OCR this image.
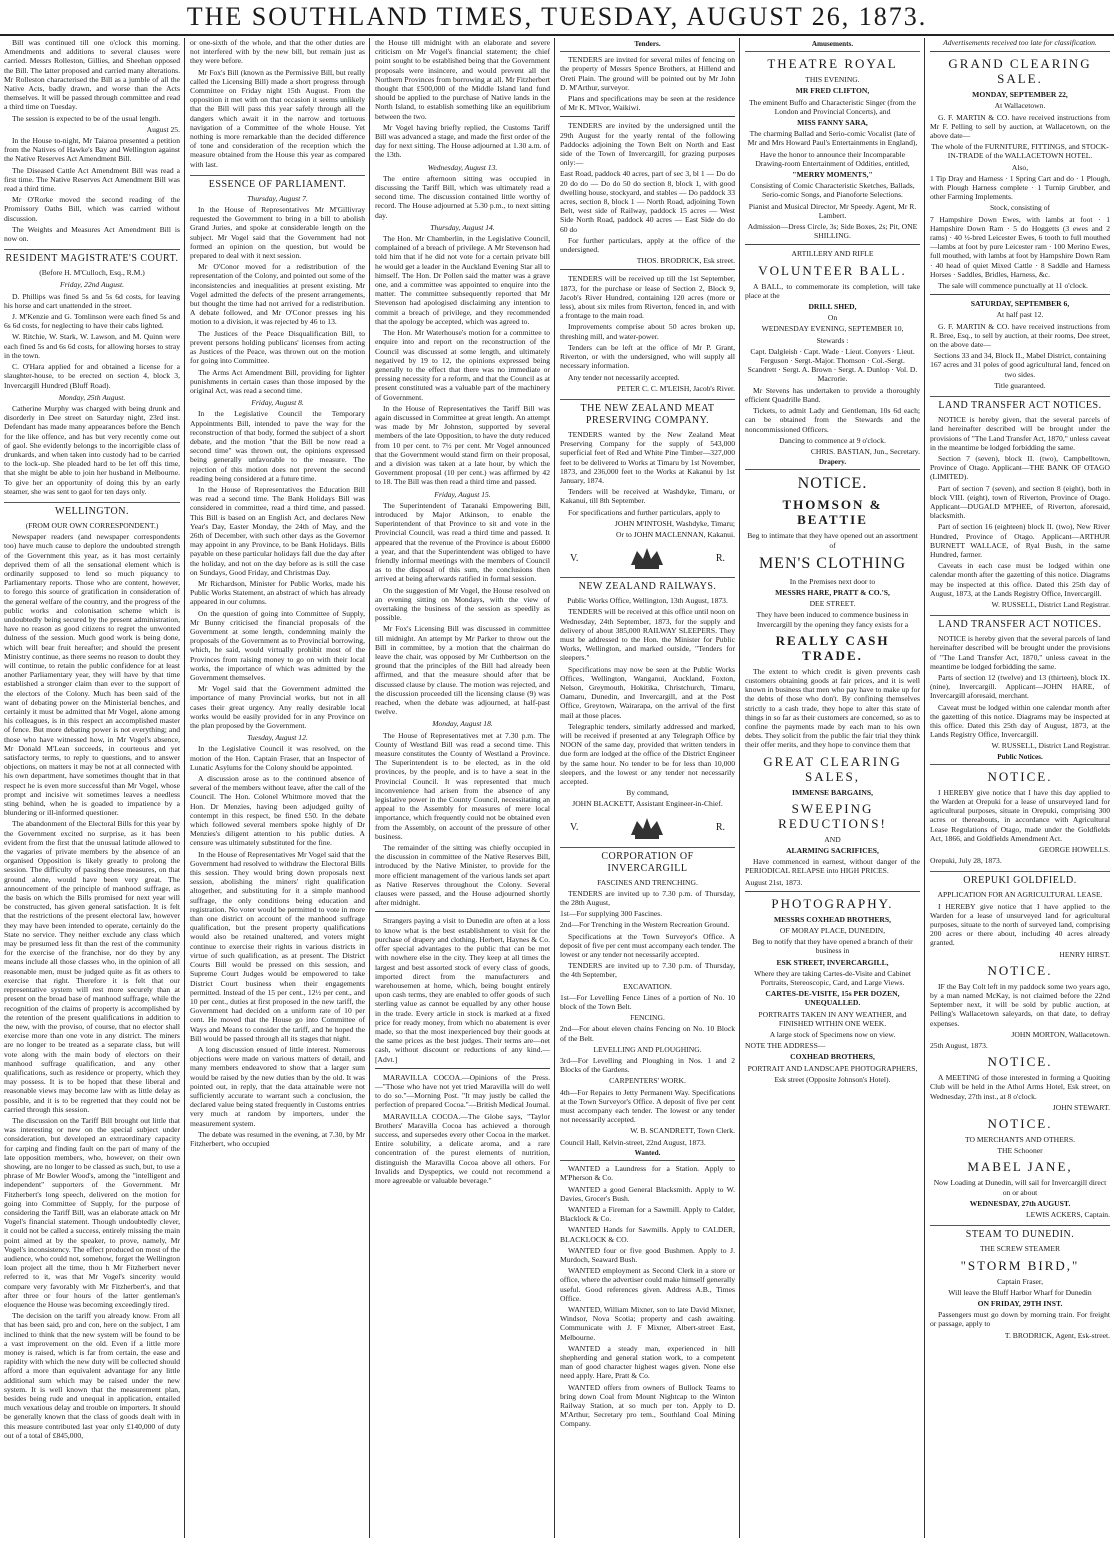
THE SOUTHLAND TIMES, TUESDAY, AUGUST 26, 1873.

Bill was continued till one o'clock this morning. Amendments and additions to several clauses were carried. Messrs Rolleston, Gillies, and Sheehan opposed the Bill. The latter proposed and carried many alterations. Mr Rolleston characterised the Bill as a jumble of all the Native Acts, badly drawn, and worse than the Acts themselves. It will be passed through committee and read a third time on Tuesday.

The session is expected to be of the usual length.

August 25.

In the House to-night, Mr Taiaroa presented a petition from the Natives of Hawke's Bay and Wellington against the Native Reserves Act Amendment Bill.

The Diseased Cattle Act Amendment Bill was read a first time. The Native Reserves Act Amendment Bill was read a third time.

Mr O'Rorke moved the second reading of the Promissory Oaths Bill, which was carried without discussion.

The Weights and Measures Act Amendment Bill is now on.

RESIDENT MAGISTRATE'S COURT.

(Before H. M'Culloch, Esq., R.M.)

Friday, 22nd August.

D. Phillips was fined 5s and 5s 6d costs, for leaving his horse and cart unattended in the street.

J. M'Kenzie and G. Tomlinson were each fined 5s and 6s 6d costs, for neglecting to have their cabs lighted.

W. Ritchie, W. Stark, W. Lawson, and M. Quinn were each fined 5s and 6s 6d costs, for allowing horses to stray in the town.

C. O'Hara applied for and obtained a license for a slaughter-house, to be erected on section 4, block 3, Invercargill Hundred (Bluff Road).

Monday, 25th August.

Catherine Murphy was charged with being drunk and disorderly in Dee street on Saturday night, 23rd inst. Defendant has made many appearances before the Bench for the like offence, and has but very recently come out of gaol. She evidently belongs to the incorrigible class of drunkards, and when taken into custody had to be carried to the lock-up. She pleaded hard to be let off this time, that she might be able to join her husband in Melbourne. To give her an opportunity of doing this by an early steamer, she was sent to gaol for ten days only.

WELLINGTON.

(FROM OUR OWN CORRESPONDENT.)

Newspaper readers (and newspaper correspondents too) have much cause to deplore the undoubted strength of the Government this year, as it has most certainly deprived them of all the sensational element which is ordinarily supposed to lend so much piquancy to Parliamentary reports. Those who are content, however, to forego this source of gratification in consideration of the general welfare of the country, and the progress of the public works and colonisation scheme which is undoubtedly being secured by the present administration, have no reason as good citizens to regret the unwonted dulness of the session. Much good work is being done, which will bear fruit hereafter; and should the present Ministry continue, as there seems no reason to doubt they will continue, to retain the public confidence for at least another Parliamentary year, they will have by that time established a stronger claim than ever to the support of the electors of the Colony. Much has been said of the want of debating power on the Ministerial benches, and certainly it must be admitted that Mr Vogel, alone among his colleagues, is in this respect an accomplished master of fence. But more debating power is not everything; and those who have witnessed how, in Mr Vogel's absence, Mr Donald M'Lean succeeds, in courteous and yet satisfactory terms, to reply to questions, and to answer objections, on matters it may be not at all connected with his own department, have sometimes thought that in that respect he is even more successful than Mr Vogel, whose prompt and incisive wit sometimes leaves a needless sting behind, when he is goaded to impatience by a blundering or ill-informed questioner.

The abandonment of the Electoral Bills for this year by the Government excited no surprise, as it has been evident from the first that the unusual latitude allowed to the vagaries of private members by the absence of an organised Opposition is likely greatly to prolong the session. The difficulty of passing these measures, on that ground alone, would have been very great. The announcement of the principle of manhood suffrage, as the basis on which the Bills promised for next year will be constructed, has given general satisfaction. It is felt that the restrictions of the present electoral law, however they may have been intended to operate, certainly do the State no service. They neither exclude any class which may be presumed less fit than the rest of the community for the exercise of the franchise, nor do they by any means include all those classes who, in the opinion of all reasonable men, must be judged quite as fit as others to exercise that right. Therefore it is felt that our representative system will rest more securely than at present on the broad base of manhood suffrage, while the recognition of the claims of property is accomplished by the retention of the present qualifications in addition to the new, with the proviso, of course, that no elector shall exercise more than one vote in any district. The miners are no longer to be treated as a separate class, but will vote along with the main body of electors on their manhood suffrage qualification, and any other qualifications, such as residence or property, which they may possess. It is to be hoped that these liberal and reasonable views may become law with as little delay as possible, and it is to be regretted that they could not be carried through this session.

The discussion on the Tariff Bill brought out little that was interesting or new on the special subject under consideration, but developed an extraordinary capacity for carping and finding fault on the part of many of the late opposition members, who, however, on their own showing, are no longer to be classed as such, but, to use a phrase of Mr Bowler Wood's, among the "intelligent and independent" supporters of the Government. Mr Fitzherbert's long speech, delivered on the motion for going into Committee of Supply, for the purpose of considering the Tariff Bill, was an elaborate attack on Mr Vogel's financial statement. Though undoubtedly clever, it could not be called a success, entirely missing the main point aimed at by the speaker, to prove, namely, Mr Vogel's inconsistency. The effect produced on most of the audience, who could not, somehow, forget the Wellington loan project all the time, thou h Mr Fitzherbert never referred to it, was that Mr Vogel's sincerity would compare very favorably with Mr Fitzherbert's, and that after three or four hours of the latter gentleman's eloquence the House was becoming exceedingly tired.

The decision on the tariff you already know. From all that has been said, pro and con, here on the subject, I am inclined to think that the new system will be found to be a vast improvement on the old. Even if a little more money is raised, which is far from certain, the ease and rapidity with which the new duty will be collected should afford a more than equivalent advantage for any little additional sum which may be raised under the new system. It is well known that the measurement plan, besides being rude and unequal in application, entailed much vexatious delay and trouble on importers. It should be generally known that the class of goods dealt with in this measure contributed last year only £140,000 of duty out of a total of £845,000,

or one-sixth of the whole, and that the other duties are not interfered with by the new bill, but remain just as they were before.

Mr Fox's Bill (known as the Permissive Bill, but really called the Licensing Bill) made a short progress through Committee on Friday night 15th August. From the opposition it met with on that occasion it seems unlikely that the Bill will pass this year safely through all the dangers which await it in the narrow and tortuous navigation of a Committee of the whole House. Yet nothing is more remarkable than the decided difference of tone and consideration of the reception which the measure obtained from the House this year as compared with last.

ESSENCE OF PARLIAMENT.

Thursday, August 7.

In the House of Representatives Mr M'Gillivray requested the Government to bring in a bill to abolish Grand Juries, and spoke at considerable length on the subject. Mr Vogel said that the Government had not formed an opinion on the question, but would be prepared to deal with it next session.

Mr O'Conor moved for a redistribution of the representation of the Colony, and pointed out some of the inconsistencies and inequalities at present existing. Mr Vogel admitted the defects of the present arrangements, but thought the time had not arrived for a redistribution. A debate followed, and Mr O'Conor presses ing his motion to a division, it was rejected by 46 to 13.

The Justices of the Peace Disqualification Bill, to prevent persons holding publicans' licenses from acting as Justices of the Peace, was thrown out on the motion for going into Committee.

The Arms Act Amendment Bill, providing for lighter punishments in certain cases than those imposed by the original Act, was read a second time.

Friday, August 8.

In the Legislative Council the Temporary Appointments Bill, intended to pave the way for the reconstruction of that body, formed the subject of a short debate, and the motion "that the Bill be now read a second time" was thrown out, the opinions expressed being generally unfavorable to the measure. The rejection of this motion does not prevent the second reading being considered at a future time.

In the House of Representatives the Education Bill was read a second time. The Bank Holidays Bill was considered in committee, read a third time, and passed. This Bill is based on an English Act, and declares New Year's Day, Easter Monday, the 24th of May, and the 26th of December, with such other days as the Governor may appoint in any Province, to be Bank Holidays. Bills payable on these particular holidays fall due the day after the holiday, and not on the day before as is still the case on Sundays, Good Friday, and Christmas Day.

Mr Richardson, Minister for Public Works, made his Public Works Statement, an abstract of which has already appeared in our columns.

On the question of going into Committee of Supply, Mr Bunny criticised the financial proposals of the Government at some length, condemning mainly the proposals of the Government as to Provincial borrowing, which, he said, would virtually prohibit most of the Provinces from raising money to go on with their local works, the importance of which was admitted by the Government themselves.

Mr Vogel said that the Government admitted the importance of many Provincial works, but not in all cases their great urgency. Any really desirable local works would be easily provided for in any Province on the plan proposed by the Government.

Tuesday, August 12.

In the Legislative Council it was resolved, on the motion of the Hon. Captain Fraser, that an Inspector of Lunatic Asylums for the Colony should be appointed.

A discussion arose as to the continued absence of several of the members without leave, after the call of the Council. The Hon. Colonel Whitmore moved that the Hon. Dr Menzies, having been adjudged guilty of contempt in this respect, be fined £50. In the debate which followed several members spoke highly of Dr Menzies's diligent attention to his public duties. A censure was ultimately substituted for the fine.

In the House of Representatives Mr Vogel said that the Government had resolved to withdraw the Electoral Bills this session. They would bring down proposals next session, abolishing the miners' right qualification altogether, and substituting for it a simple manhood suffrage, the only conditions being education and registration. No voter would be permitted to vote in more than one district on account of the manhood suffrage qualification, but the present property qualifications would also be retained unaltered, and voters might continue to exercise their rights in various districts in virtue of such qualification, as at present. The District Courts Bill would be pressed on this session, and Supreme Court Judges would be empowered to take District Court business when their engagements permitted. Instead of the 15 per cent., 12½ per cent., and 10 per cent., duties at first proposed in the new tariff, the Government had decided on a uniform rate of 10 per cent. He moved that the House go into Committee of Ways and Means to consider the tariff, and he hoped the Bill would be passed through all its stages that night.

A long discussion ensued of little interest. Numerous objections were made on various matters of detail, and many members endeavored to show that a larger sum would be raised by the new duties than by the old. It was pointed out, in reply, that the data attainable were not sufficiently accurate to warrant such a conclusion, the declared value being stated frequently in Customs entries very much at random by importers, under the measurement system.

The debate was resumed in the evening, at 7.30, by Mr Fitzherbert, who occupied

the House till midnight with an elaborate and severe criticism on Mr Vogel's financial statement; the chief point sought to be established being that the Government proposals were insincere, and would prevent all the Northern Provinces from borrowing at all. Mr Fitzherbert thought that £500,000 of the Middle Island land fund should be applied to the purchase of Native lands in the North Island, to establish something like an equilibrium between the two.

Mr Vogel having briefly replied, the Customs Tariff Bill was advanced a stage, and made the first order of the day for next sitting. The House adjourned at 1.30 a.m. of the 13th.

Wednesday, August 13.

The entire afternoon sitting was occupied in discussing the Tariff Bill, which was ultimately read a second time. The discussion contained little worthy of record. The House adjourned at 5.30 p.m., to next sitting day.

Thursday, August 14.

The Hon. Mr Chamberlin, in the Legislative Council, complained of a breach of privilege. A Mr Stevenson had told him that if he did not vote for a certain private bill he would get a leader in the Auckland Evening Star all to himself. The Hon. Dr Pollen said the matter was a grave one, and a committee was appointed to enquire into the matter. The committee subsequently reported that Mr Stevenson had apologised disclaiming any intention to commit a breach of privilege, and they recommended that the apology be accepted, which was agreed to.

The Hon. Mr Waterhouse's motion for a committee to enquire into and report on the reconstruction of the Council was discussed at some length, and ultimately negatived by 19 to 12, the opinions expressed being generally to the effect that there was no immediate or pressing necessity for a reform, and that the Council as at present constituted was a valuable part of the machinery of Government.

In the House of Representatives the Tariff Bill was again discussed in Committee at great length. An attempt was made by Mr Johnston, supported by several members of the late Opposition, to have the duty reduced from 10 per cent. to 7½ per cent. Mr Vogel announced that the Government would stand firm on their proposal, and a division was taken at a late hour, by which the Government proposal (10 per cent.) was affirmed by 42 to 18. The Bill was then read a third time and passed.

Friday, August 15.

The Superintendent of Taranaki Empowering Bill, introduced by Major Atkinson, to enable the Superintendent of that Province to sit and vote in the Provincial Council, was read a third time and passed. It appeared that the revenue of the Province is about £6000 a year, and that the Superintendent was obliged to have friendly informal meetings with the members of Council as to the disposal of this sum, the conclusions then arrived at being afterwards ratified in formal session.

On the suggestion of Mr Vogel, the House resolved on an evening sitting on Mondays, with the view of overtaking the business of the session as speedily as possible.

Mr Fox's Licensing Bill was discussed in committee till midnight. An attempt by Mr Parker to throw out the Bill in committee, by a motion that the chairman do leave the chair, was opposed by Mr Cuthbertson on the ground that the principles of the Bill had already been affirmed, and that the measure should after that be discussed clause by clause. The motion was rejected, and the discussion proceeded till the licensing clause (9) was reached, when the debate was adjourned, at half-past twelve.

Monday, August 18.

The House of Representatives met at 7.30 p.m. The County of Westland Bill was read a second time. This measure constitutes the County of Westland a Province. The Superintendent is to be elected, as in the old provinces, by the people, and is to have a seat in the Provincial Council. It was represented that much inconvenience had arisen from the absence of any legislative power in the County Council, necessitating an appeal to the Assembly for measures of mere local importance, which frequently could not be obtained even from the Assembly, on account of the pressure of other business.

The remainder of the sitting was chiefly occupied in the discussion in committee of the Native Reserves Bill, introduced by the Native Minister, to provide for the more efficient management of the various lands set apart as Native Reserves throughout the Colony. Several clauses were passed, and the House adjourned shortly after midnight.

Strangers paying a visit to Dunedin are often at a loss to know what is the best establishment to visit for the purchase of drapery and clothing. Herbert, Haynes & Co. offer special advantages to the public that can be met with nowhere else in the city. They keep at all times the largest and best assorted stock of every class of goods, imported direct from the manufacturers and warehousemen at home, which, being bought entirely upon cash terms, they are enabled to offer goods of such sterling value as cannot be equalled by any other house in the trade. Every article in stock is marked at a fixed price for ready money, from which no abatement is ever made, so that the most inexperienced buy their goods at the same prices as the best judges. Their terms are—net cash, without discount or reductions of any kind.—[Advt.]

MARAVILLA COCOA.—Opinions of the Press.—"Those who have not yet tried Maravilla will do well to do so."—Morning Post. "It may justly be called the perfection of prepared Cocoa."—British Medical Journal.

MARAVILLA COCOA.—The Globe says, "Taylor Brothers' Maravilla Cocoa has achieved a thorough success, and supersedes every other Cocoa in the market. Entire solubility, a delicate aroma, and a rare concentration of the purest elements of nutrition, distinguish the Maravilla Cocoa above all others. For Invalids and Dyspeptics, we could not recommend a more agreeable or valuable beverage."

Tenders.

TENDERS are invited for several miles of fencing on the property of Messrs Spence Brothers, at Hillend and Oreti Plain. The ground will be pointed out by Mr John D. M'Arthur, surveyor.

Plans and specifications may be seen at the residence of Mr K. M'Ivor, Waikiwi.

TENDERS are invited by the undersigned until the 29th August for the yearly rental of the following Paddocks adjoining the Town Belt on North and East side of the Town of Invercargill, for grazing purposes only:—

East Road, paddock 40 acres, part of sec 3, bl 1 — Do do 20 do do — Do do 50 do section 8, block 1, with good dwelling house, stockyard, and stables — Do paddock 33 acres, section 8, block 1 — North Road, adjoining Town Belt, west side of Railway, paddock 15 acres — West Side North Road, paddock 40 acres — East Side do do 60 do

For further particulars, apply at the office of the undersigned.

THOS. BRODRICK, Esk street.

TENDERS will be received up till the 1st September, 1873, for the purchase or lease of Section 2, Block 9, Jacob's River Hundred, containing 120 acres (more or less), about six miles from Riverton, fenced in, and with a frontage to the main road.

Improvements comprise about 50 acres broken up, threshing mill, and water-power.

Tenders can be left at the office of Mr P. Grant, Riverton, or with the undersigned, who will supply all necessary information.

Any tender not necessarily accepted.

PETER C. C. M'LEISH, Jacob's River.

THE NEW ZEALAND MEAT PRESERVING COMPANY.

TENDERS wanted by the New Zealand Meat Preserving Company for the supply of 543,000 superficial feet of Red and White Pine Timber—327,000 feet to be delivered to Works at Timaru by 1st November, 1873, and 236,000 feet to the Works at Kakanui by 1st January, 1874.

Tenders will be received at Washdyke, Timaru, or Kakanui, till 8th September.

For specifications and further particulars, apply to

JOHN M'INTOSH, Washdyke, Timaru;

Or to JOHN MACLENNAN, Kakanui.

V.	R.
NEW ZEALAND RAILWAYS.

Public Works Office, Wellington, 13th August, 1873.

TENDERS will be received at this office until noon on Wednesday, 24th September, 1873, for the supply and delivery of about 385,000 RAILWAY SLEEPERS. They must be addressed to the Hon. the Minister for Public Works, Wellington, and marked outside, "Tenders for sleepers."

Specifications may now be seen at the Public Works Offices, Wellington, Wanganui, Auckland, Foxton, Nelson, Greymouth, Hokitika, Christchurch, Timaru, Oamaru, Dunedin, and Invercargill, and at the Post Office, Greytown, Wairarapa, on the arrival of the first mail at those places.

Telegraphic tenders, similarly addressed and marked, will be received if presented at any Telegraph Office by NOON of the same day, provided that written tenders in due form are lodged at the office of the District Engineer by the same hour. No tender to be for less than 10,000 sleepers, and the lowest or any tender not necessarily accepted.

By command,

JOHN BLACKETT, Assistant Engineer-in-Chief.

V.	R.
CORPORATION OF INVERCARGILL

FASCINES AND TRENCHING.

TENDERS are invited up to 7.30 p.m. of Thursday, the 28th August,

1st—For supplying 300 Fascines.

2nd—For Trenching in the Western Recreation Ground.

Specifications at the Town Surveyor's Office. A deposit of five per cent must accompany each tender. The lowest or any tender not necessarily accepted.

TENDERS are invited up to 7.30 p.m. of Thursday, the 4th September,

EXCAVATION.

1st—For Levelling Fence Lines of a portion of No. 10 block of the Town Belt.

FENCING.

2nd—For about eleven chains Fencing on No. 10 Block of the Belt.

LEVELLING AND PLOUGHING.

3rd—For Levelling and Ploughing in Nos. 1 and 2 Blocks of the Gardens.

CARPENTERS' WORK.

4th—For Repairs to Jetty Permanent Way. Specifications at the Town Surveyor's Office. A deposit of five per cent must accompany each tender. The lowest or any tender not necessarily accepted.

W. B. SCANDRETT, Town Clerk.

Council Hall, Kelvin-street, 22nd August, 1873.

Wanted.

WANTED a Laundress for a Station. Apply to M'Pherson & Co.

WANTED a good General Blacksmith. Apply to W. Davies, Grocer's Bush.

WANTED a Fireman for a Sawmill. Apply to Calder, Blacklock & Co.

WANTED Hands for Sawmills. Apply to CALDER, BLACKLOCK & CO.

WANTED four or five good Bushmen. Apply to J. Murdoch, Seaward Bush.

WANTED employment as Second Clerk in a store or office, where the advertiser could make himself generally useful. Good references given. Address A.B., Times Office.

WANTED, William Mixner, son to late David Mixner, Windsor, Nova Scotia; property and cash awaiting. Communicate with J. F Mixner, Albert-street East, Melbourne.

WANTED a steady man, experienced in hill shepherding and general station work, to a competent man of good character highest wages given. None else need apply. Hare, Pratt & Co.

WANTED offers from owners of Bullock Teams to bring down Coal from Mount Nightcap to the Winton Railway Station, at so much per ton. Apply to D. M'Arthur, Secretary pro tem., Southland Coal Mining Company.

Amusements.

THEATRE ROYAL

THIS EVENING.

MR FRED CLIFTON,

The eminent Buffo and Characteristic Singer (from the London and Provincial Concerts), and

MISS FANNY SARA,

The charming Ballad and Serio-comic Vocalist (late of Mr and Mrs Howard Paul's Entertainments in England),

Have the honor to announce their Incomparable Drawing-room Entertainment of Oddities, entitled,

"MERRY MOMENTS,"

Consisting of Comic Characteristic Sketches, Ballads, Serio-comic Songs, and Pianoforte Selections.

Pianist and Musical Director, Mr Speedy. Agent, Mr R. Lambert.

Admission—Dress Circle, 3s; Side Boxes, 2s; Pit, ONE SHILLING.

ARTILLERY AND RIFLE

VOLUNTEER BALL.

A BALL, to commemorate its completion, will take place at the

DRILL SHED,

On

WEDNESDAY EVENING, SEPTEMBER 10,

Stewards :

Capt. Dalgleish · Capt. Wade · Lieut. Conyers · Lieut. Ferguson · Sergt.-Major. Thomson · Col.-Sergt. Scandrett · Sergt. A. Brown · Sergt. A. Dunlop · Vol. D. Macrorie.

Mr Stevens has undertaken to provide a thoroughly efficient Quadrille Band.

Tickets, to admit Lady and Gentleman, 10s 6d each; can be obtained from the Stewards and the noncommissioned Officers.

Dancing to commence at 9 o'clock.

CHRIS. BASTIAN, Jun., Secretary.

Drapery.

NOTICE.

THOMSON & BEATTIE

Beg to intimate that they have opened out an assortment of

MEN'S CLOTHING

In the Premises next door to

MESSRS HARE, PRATT & CO.'S,

DEE STREET.

They have been induced to commence business in Invercargill by the opening they fancy exists for a

REALLY CASH TRADE.

The extent to which credit is given prevents cash customers obtaining goods at fair prices, and it is well known in business that men who pay have to make up for the debts of those who don't. By confining themselves strictly to a cash trade, they hope to alter this state of things in so far as their customers are concerned, so as to confine the payments made by each man to his own debts. They solicit from the public the fair trial they think their offer merits, and they hope to convince them that

GREAT CLEARING SALES,

IMMENSE BARGAINS,

SWEEPING REDUCTIONS!

AND

ALARMING SACRIFICES,

Have commenced in earnest, without danger of the PERIODICAL RELAPSE into HIGH PRICES.

August 21st, 1873.

PHOTOGRAPHY.

MESSRS COXHEAD BROTHERS,

OF MORAY PLACE, DUNEDIN,

Beg to notify that they have opened a branch of their business in

ESK STREET, INVERCARGILL,

Where they are taking Cartes-de-Visite and Cabinet Portraits, Stereoscopic, Card, and Large Views.

CARTES-DE-VISITE, 15s PER DOZEN, UNEQUALLED.

PORTRAITS TAKEN IN ANY WEATHER, and FINISHED WITHIN ONE WEEK.

A large stock of Specimens now on view.

NOTE THE ADDRESS—

COXHEAD BROTHERS,

PORTRAIT AND LANDSCAPE PHOTOGRAPHERS,

Esk street (Opposite Johnson's Hotel).

Advertisements received too late for classification.

GRAND CLEARING SALE.

MONDAY, SEPTEMBER 22,

At Wallacetown.

G. F. MARTIN & CO. have received instructions from Mr F. Pelling to sell by auction, at Wallacetown, on the above date—

The whole of the FURNITURE, FITTINGS, and STOCK-IN-TRADE of the WALLACETOWN HOTEL.

Also,

1 Tip Dray and Harness · 1 Spring Cart and do · 1 Plough, with Plough Harness complete · 1 Turnip Grubber, and other Farming Implements.

Stock, consisting of

7 Hampshire Down Ewes, with lambs at foot · 1 Hampshire Down Ram · 5 do Hoggetts (3 ewes and 2 rams) · 40 ½-bred Leicester Ewes, 6 tooth to full mouthed—lambs at foot by pure Leicester ram · 100 Merino Ewes, full mouthed, with lambs at foot by Hampshire Down Ram · 40 head of quiet Mixed Cattle · 8 Saddle and Harness Horses · Saddles, Bridles, Harness, &c.

The sale will commence punctually at 11 o'clock.

SATURDAY, SEPTEMBER 6,

At half past 12.

G. F. MARTIN & CO. have received instructions from R. Bree, Esq., to sell by auction, at their rooms, Dee street, on the above date—

Sections 33 and 34, Block II., Mabel District, containing 167 acres and 31 poles of good agricultural land, fenced on two sides.

Title guaranteed.

LAND TRANSFER ACT NOTICES.

NOTICE is hereby given, that the several parcels of land hereinafter described will be brought under the provisions of "The Land Transfer Act, 1870," unless caveat in the meantime be lodged forbidding the same.

Section 7 (seven), block II. (two), Campbelltown, Province of Otago. Applicant—THE BANK OF OTAGO (LIMITED).

Part of section 7 (seven), and section 8 (eight), both in block VIII. (eight), town of Riverton, Province of Otago. Applicant—DUGALD M'PHEE, of Riverton, aforesaid, blacksmith.

Part of section 16 (eighteen) block II. (two), New River Hundred, Province of Otago. Applicant—ARTHUR BURNETT WALLACE, of Ryal Bush, in the same Hundred, farmer.

Caveats in each case must be lodged within one calendar month after the gazetting of this notice. Diagrams may be inspected at this office. Dated this 25th day of August, 1873, at the Lands Registry Office, Invercargill.

W. RUSSELL, District Land Registrar.

LAND TRANSFER ACT NOTICES.

NOTICE is hereby given that the several parcels of land hereinafter described will be brought under the provisions of "The Land Transfer Act, 1870," unless caveat in the meantime be lodged forbidding the same.

Parts of section 12 (twelve) and 13 (thirteen), block IX. (nine), Invercargill. Applicant—JOHN HARE, of Invercargill aforesaid, merchant.

Caveat must be lodged within one calendar month after the gazetting of this notice. Diagrams may be inspected at this office. Dated this 25th day of August, 1873, at the Lands Registry Office, Invercargill.

W. RUSSELL, District Land Registrar.

Public Notices.

NOTICE.

I HEREBY give notice that I have this day applied to the Warden at Orepuki for a lease of unsurveyed land for agricultural purposes, situate in Orepuki, comprising 300 acres or thereabouts, in accordance with Agricultural Lease Regulations of Otago, made under the Goldfields Act, 1866, and Goldfields Amendment Act.

GEORGE HOWELLS.

Orepuki, July 28, 1873.

OREPUKI GOLDFIELD.

APPLICATION FOR AN AGRICULTURAL LEASE.

I HEREBY give notice that I have applied to the Warden for a lease of unsurveyed land for agricultural purposes, situate to the north of surveyed land, comprising 200 acres or there about, including 40 acres already granted.

HENRY HIRST.

NOTICE.

IF the Bay Colt left in my paddock some two years ago, by a man named McKay, is not claimed before the 22nd September next, it will be sold by public auction, at Pelling's Wallacetown saleyards, on that date, to defray expenses.

JOHN MORTON, Wallacetown.

25th August, 1873.

NOTICE.

A MEETING of those interested in forming a Quoiting Club will be held in the Athol Arms Hotel, Esk street, on Wednesday, 27th inst., at 8 o'clock.

JOHN STEWART.

NOTICE.

TO MERCHANTS AND OTHERS.

THE Schooner

MABEL JANE,

Now Loading at Dunedin, will sail for Invercargill direct on or about

WEDNESDAY, 27th AUGUST.

LEWIS ACKERS, Captain.

STEAM TO DUNEDIN.

THE SCREW STEAMER

"STORM BIRD,"

Captain Fraser,

Will leave the Bluff Harbor Wharf for Dunedin

ON FRIDAY, 29TH INST.

Passengers must go down by morning train. For freight or passage, apply to

T. BRODRICK, Agent, Esk-street.
